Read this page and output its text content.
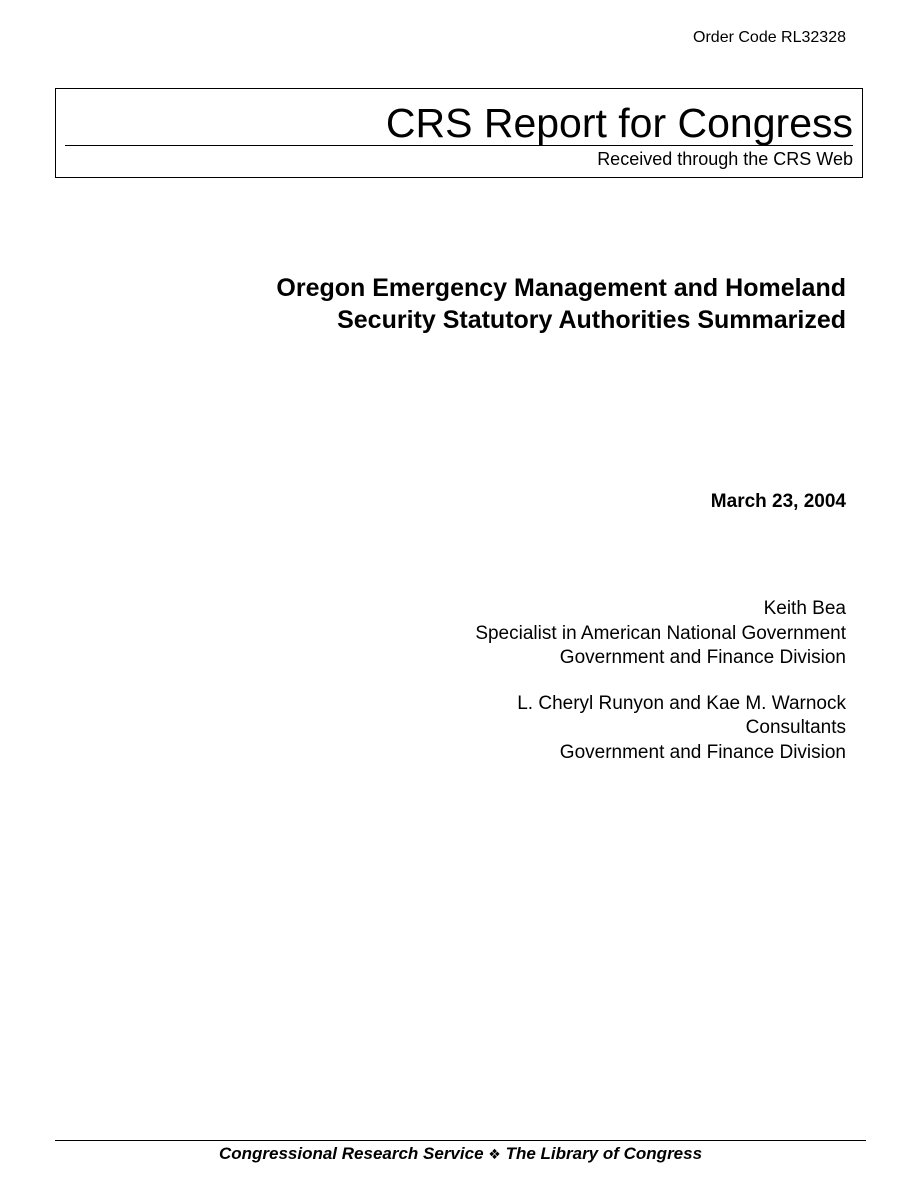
Order Code RL32328
CRS Report for Congress
Received through the CRS Web
Oregon Emergency Management and Homeland
Security Statutory Authorities Summarized
March 23, 2004
Keith Bea
Specialist in American National Government
Government and Finance Division
L. Cheryl Runyon and Kae M. Warnock
Consultants
Government and Finance Division
Congressional Research Service ❖ The Library of Congress
